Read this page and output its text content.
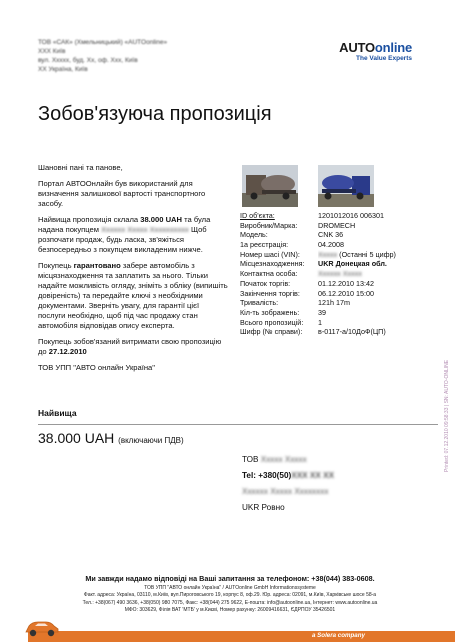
ТОВ «САК» (Хмельницький) «AUTOonline»
ХХХ Київ
вул. Ххххх, буд. Хх, оф. Ххх, Київ
ХХ Україна, Київ
AUTOonline
The Value Experts
Зобов'язуюча пропозиція

Шановні пані та панове,

Портал АВТООнлайн був використаний для визначення залишкової вартості транспортного засобу.

Найвища пропозиція склала 38.000 UAH та була надана покупцем Хххххх Ххххх Хххххххххх Щоб розпочати продаж, будь ласка, зв'яжіться безпосередньо з покупцем викладеним нижче.

Покупець гарантовано забере автомобіль з місцязнаходження та заплатить за нього. Тільки надайте можливість огляду, зніміть з обліку (випишіть довіреність) та передайте ключі з необхідними документами. Зверніть увагу, для гарантії цієї послуги необхідно, щоб під час продажу стан автомобіля відповідав опису експерта.

Покупець зобов'язаний витримати свою пропозицію до 27.12.2010

ТОВ УПП "АВТО онлайн Україна"

ID об'єкта:	1201012016 006301
Виробник/Марка:	DROMECH
Модель:	CNK 36
1а реєстрація:	04.2008
Номер шасі (VIN):	Ххххх (Останні 5 цифр)
Місцезнаходження:	UKR Донецкая обл.
Контактна особа:	Хххххх Ххххх
Початок торгів:	01.12.2010 13:42
Закінчення торгів:	06.12.2010 15:00
Тривалість:	121h 17m
Кіл-ть зображень:	39
Всього пропозицій:	1
Шифр (№ справи):	в-0117-а/10ДоФ(ЦП)
Найвища
38.000 UAH (включаючи ПДВ)
ТОВ Ххххх Ххххх
Tel: +380(50)ХХХ ХХ ХХ
Хххххх Ххххх Хххххххх
UKR Ровно
Ми завжди надамо відповіді на Ваші запитання за телефоном: +38(044) 383-0608.
ТОВ УПП "АВТО онлайн Україна" / AUTOonline GmbH Informationssysteme
Факт. адреса: Україна, 03110, м.Київ, вул.Пироговського 19, корпус 8, оф.29. Юр. адреса: 02091, м.Київ, Харківське шосе 58-а
Тел.: +38(067) 490 3636, +38(050) 980 7075, Факс: +38(044) 275 9622, E-пошта: info@autoonline.ua, Інтернет: www.autoonline.ua
МФО: 303629, Філія ВАТ 'МТБ' у м.Києві, Номер рахунку: 26009416631, ЄДРПОУ 35426501
a Solera company
Printed: 07.12.2010 09:58:33 | SN: AUTO-ONLINE
